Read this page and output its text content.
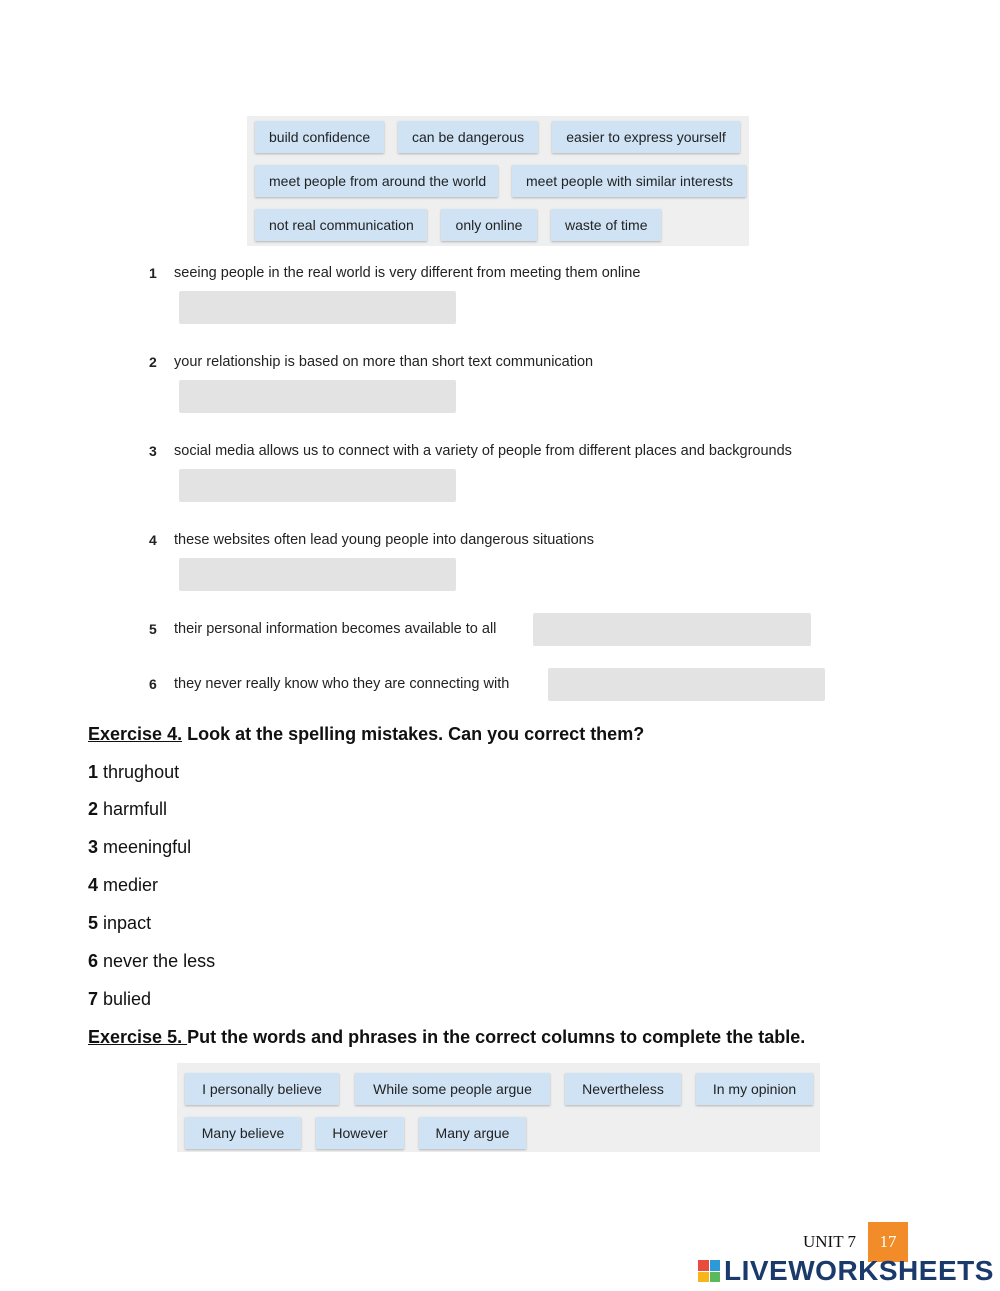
build confidence	can be dangerous	easier to express yourself
meet people from around the world	meet people with similar interests
not real communication	only online	waste of time
1 seeing people in the real world is very different from meeting them online
2 your relationship is based on more than short text communication
3 social media allows us to connect with a variety of people from different places and backgrounds
4 these websites often lead young people into dangerous situations
5 their personal information becomes available to all
6 they never really know who they are connecting with
Exercise 4. Look at the spelling mistakes. Can you correct them?
1 thrughout
2 harmfull
3 meeningful
4 medier
5 inpact
6 never the less
7 bulied
Exercise 5. Put the words and phrases in the correct columns to complete the table.
I personally believe	While some people argue	Nevertheless	In my opinion
Many believe	However	Many argue
UNIT 7	17
LIVEWORKSHEETS
